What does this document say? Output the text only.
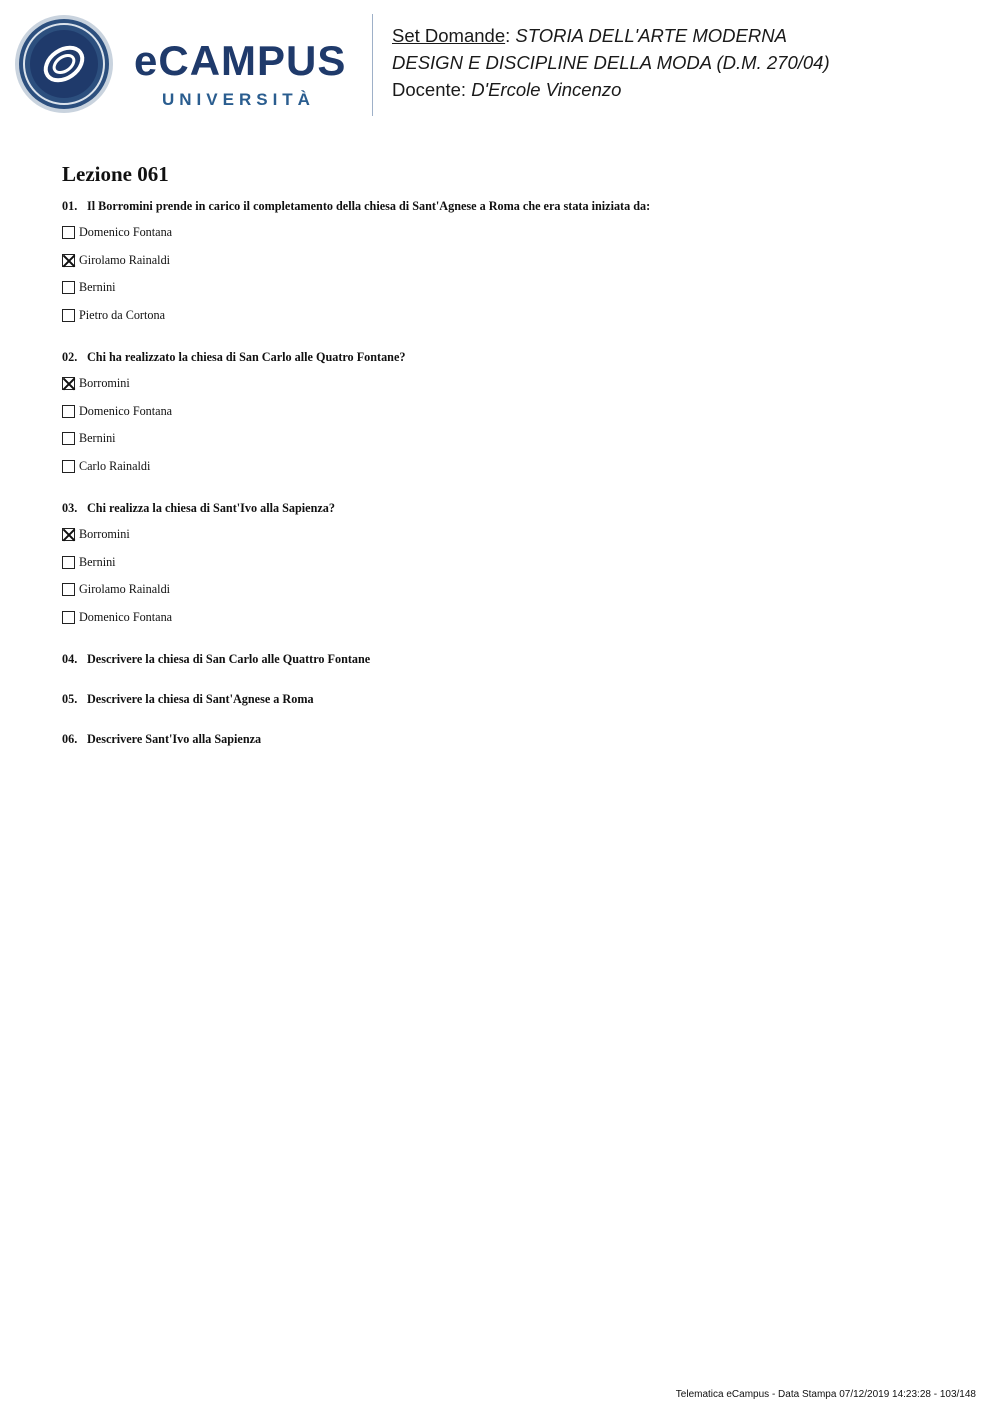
eCAMPUS
UNIVERSITÀ
Set Domande: STORIA DELL'ARTE MODERNA
DESIGN E DISCIPLINE DELLA MODA (D.M. 270/04)
Docente: D'Ercole Vincenzo
Lezione 061
01. Il Borromini prende in carico il completamento della chiesa di Sant'Agnese a Roma che era stata iniziata da:
Domenico Fontana
Girolamo Rainaldi
Bernini
Pietro da Cortona
02. Chi ha realizzato la chiesa di San Carlo alle Quatro Fontane?
Borromini
Domenico Fontana
Bernini
Carlo Rainaldi
03. Chi realizza la chiesa di Sant'Ivo alla Sapienza?
Borromini
Bernini
Girolamo Rainaldi
Domenico Fontana
04. Descrivere la chiesa di San Carlo alle Quattro Fontane
05. Descrivere la chiesa di Sant'Agnese a Roma
06. Descrivere Sant'Ivo alla Sapienza
Telematica eCampus - Data Stampa 07/12/2019 14:23:28 - 103/148
